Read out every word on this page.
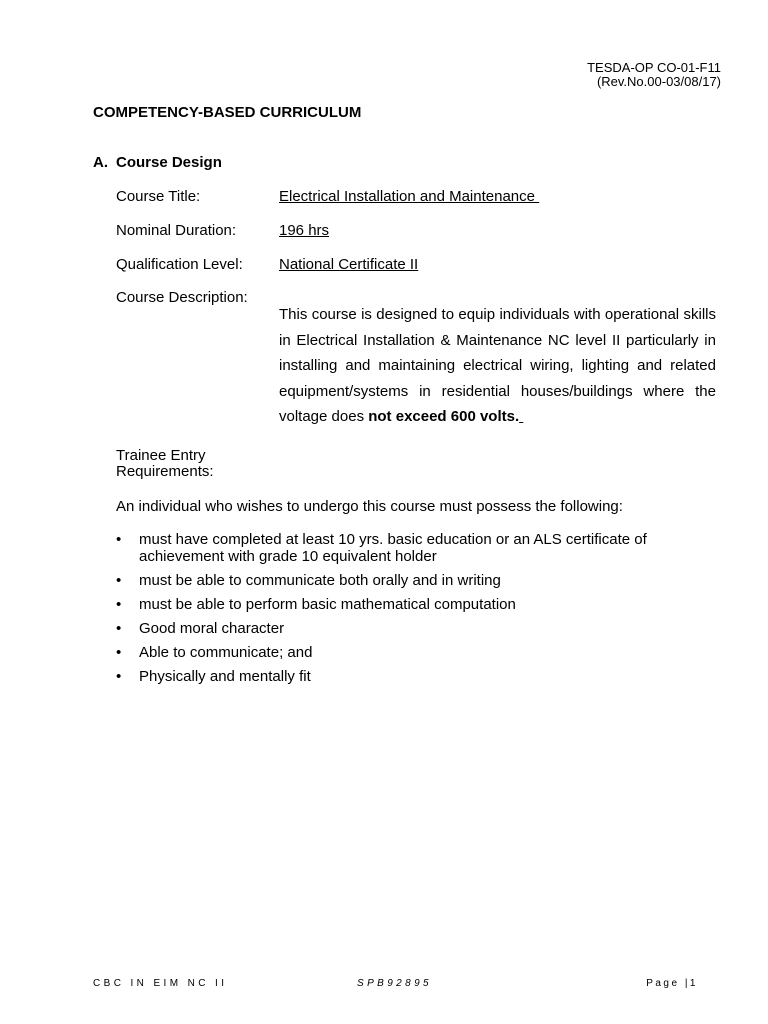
TESDA-OP CO-01-F11
(Rev.No.00-03/08/17)
COMPETENCY-BASED CURRICULUM
A. Course Design
Course Title:	Electrical Installation and Maintenance
Nominal Duration:	196 hrs
Qualification Level: National Certificate II
Course Description:
This course is designed to equip individuals with operational skills in Electrical Installation & Maintenance NC level II particularly in installing and maintaining electrical wiring, lighting and related equipment/systems in residential houses/buildings where the voltage does not exceed 600 volts.
Trainee Entry
Requirements:
An individual who wishes to undergo this course must possess the following:
• must have completed at least 10 yrs. basic education or an ALS certificate of achievement with grade 10 equivalent holder
• must be able to communicate both orally and in writing
• must be able to perform basic mathematical computation
• Good moral character
• Able to communicate; and
• Physically and mentally fit
CBC IN EIM NC II	SPB92895	Page |1
